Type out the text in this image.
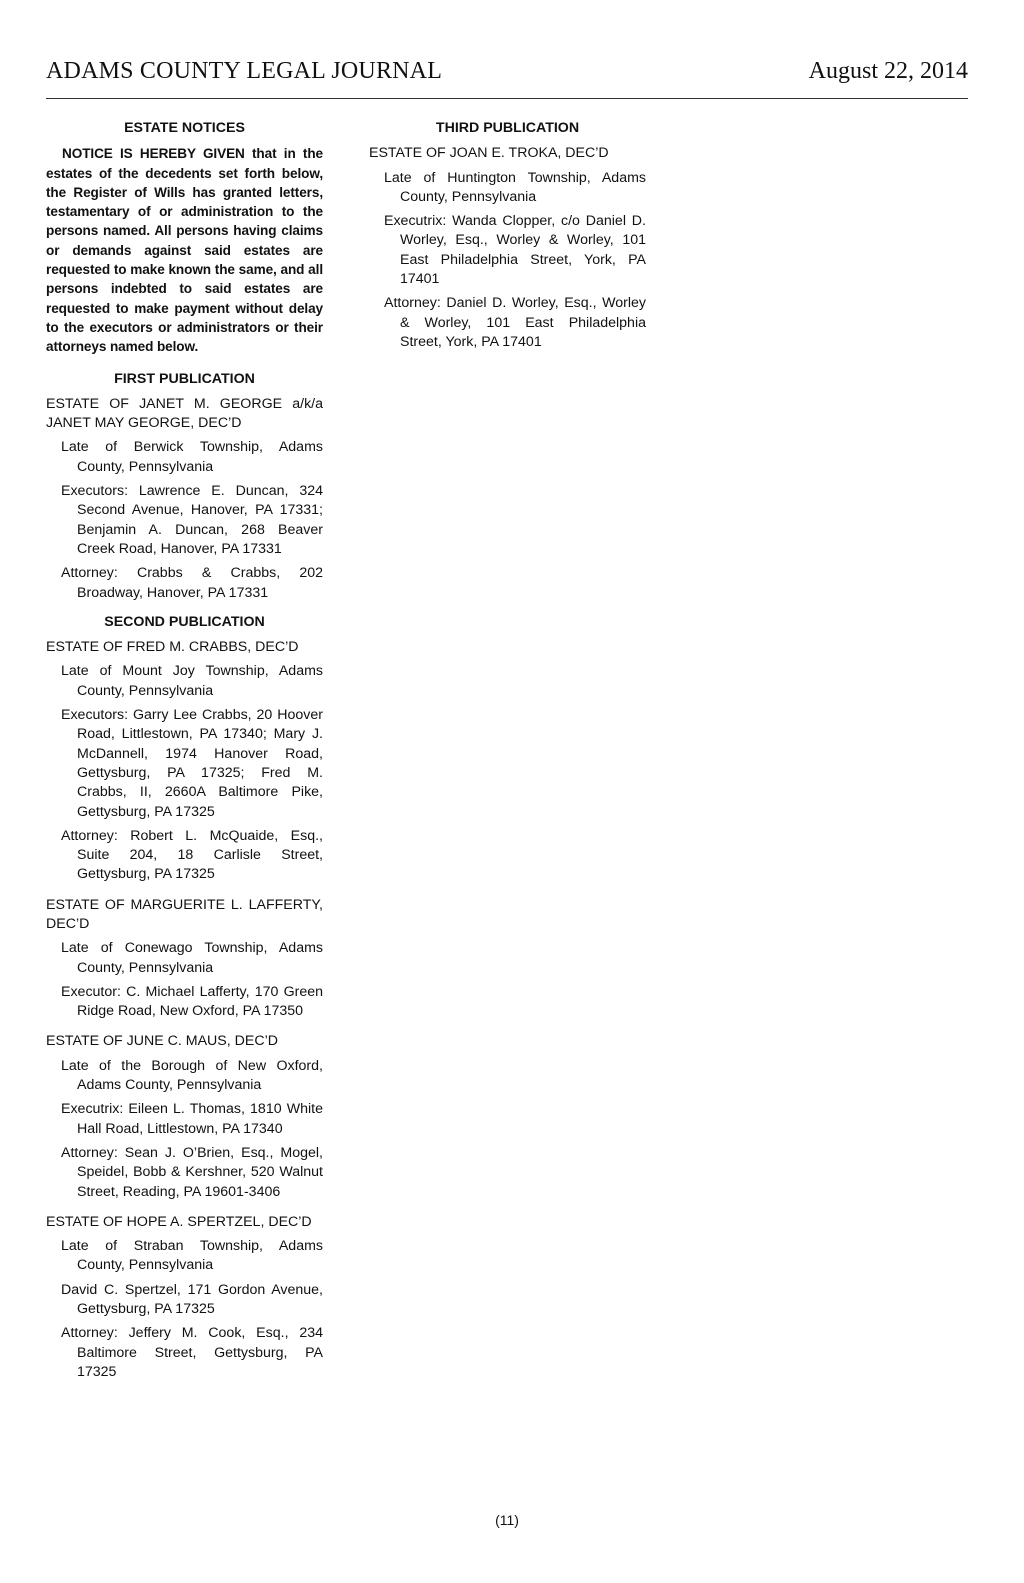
ADAMS COUNTY LEGAL JOURNAL	August 22, 2014
ESTATE NOTICES
NOTICE IS HEREBY GIVEN that in the estates of the decedents set forth below, the Register of Wills has granted letters, testamentary of or administration to the persons named. All persons having claims or demands against said estates are requested to make known the same, and all persons indebted to said estates are requested to make payment without delay to the executors or administrators or their attorneys named below.
FIRST PUBLICATION
ESTATE OF JANET M. GEORGE a/k/a JANET MAY GEORGE, DEC’D
Late of Berwick Township, Adams County, Pennsylvania
Executors: Lawrence E. Duncan, 324 Second Avenue, Hanover, PA 17331; Benjamin A. Duncan, 268 Beaver Creek Road, Hanover, PA 17331
Attorney: Crabbs & Crabbs, 202 Broadway, Hanover, PA 17331
SECOND PUBLICATION
ESTATE OF FRED M. CRABBS, DEC’D
Late of Mount Joy Township, Adams County, Pennsylvania
Executors: Garry Lee Crabbs, 20 Hoover Road, Littlestown, PA 17340; Mary J. McDannell, 1974 Hanover Road, Gettysburg, PA 17325; Fred M. Crabbs, II, 2660A Baltimore Pike, Gettysburg, PA 17325
Attorney: Robert L. McQuaide, Esq., Suite 204, 18 Carlisle Street, Gettysburg, PA 17325
ESTATE OF MARGUERITE L. LAFFERTY, DEC’D
Late of Conewago Township, Adams County, Pennsylvania
Executor: C. Michael Lafferty, 170 Green Ridge Road, New Oxford, PA 17350
ESTATE OF JUNE C. MAUS, DEC’D
Late of the Borough of New Oxford, Adams County, Pennsylvania
Executrix: Eileen L. Thomas, 1810 White Hall Road, Littlestown, PA 17340
Attorney: Sean J. O’Brien, Esq., Mogel, Speidel, Bobb & Kershner, 520 Walnut Street, Reading, PA 19601-3406
ESTATE OF HOPE A. SPERTZEL, DEC’D
Late of Straban Township, Adams County, Pennsylvania
David C. Spertzel, 171 Gordon Avenue, Gettysburg, PA 17325
Attorney: Jeffery M. Cook, Esq., 234 Baltimore Street, Gettysburg, PA 17325
THIRD PUBLICATION
ESTATE OF JOAN E. TROKA, DEC’D
Late of Huntington Township, Adams County, Pennsylvania
Executrix: Wanda Clopper, c/o Daniel D. Worley, Esq., Worley & Worley, 101 East Philadelphia Street, York, PA 17401
Attorney: Daniel D. Worley, Esq., Worley & Worley, 101 East Philadelphia Street, York, PA 17401
(11)
